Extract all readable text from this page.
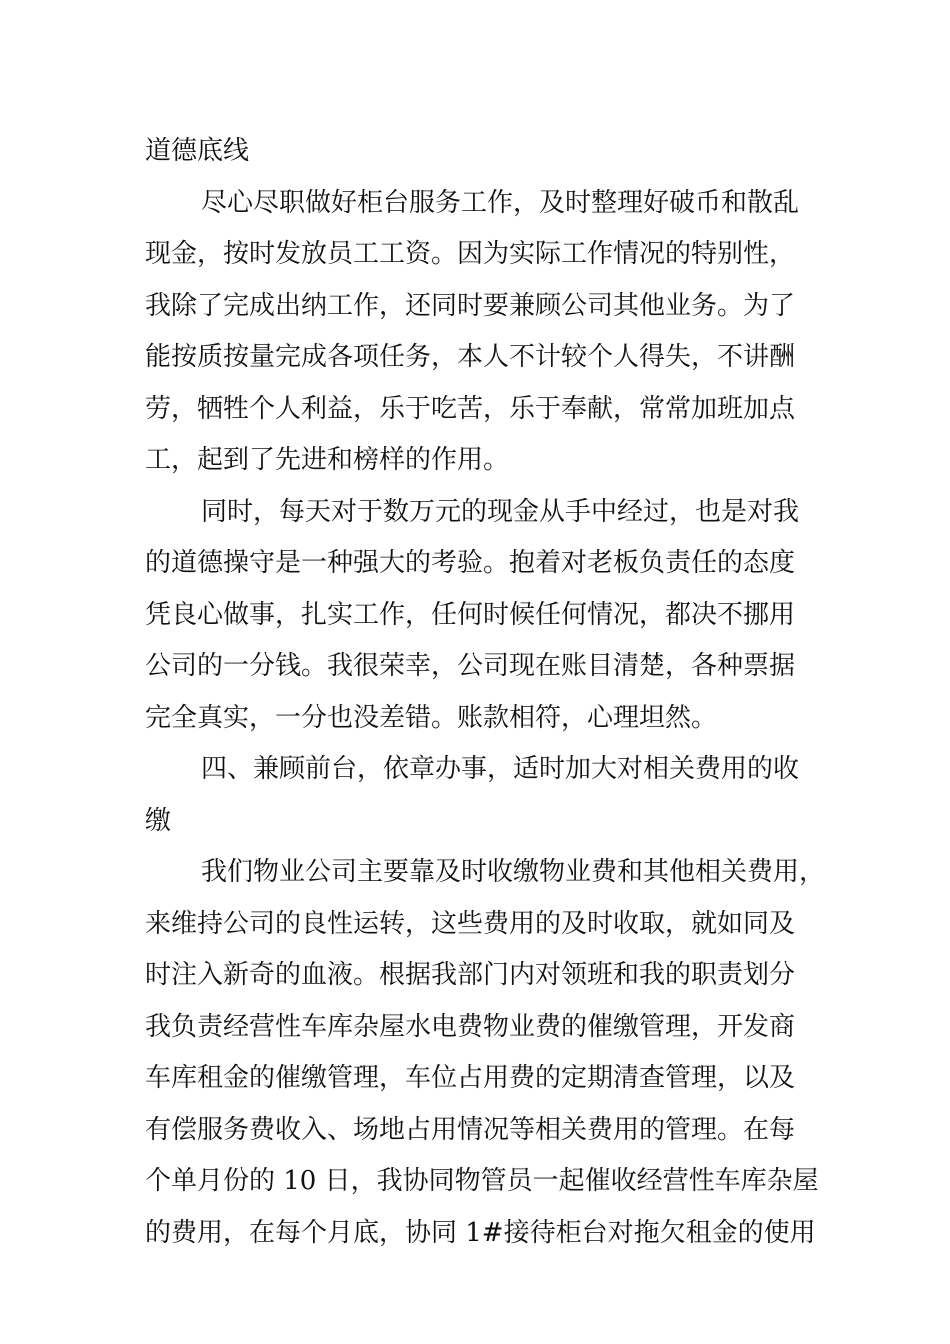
道德底线
尽心尽职做好柜台服务工作，及时整理好破币和散乱
现金，按时发放员工工资。因为实际工作情况的特别性，
我除了完成出纳工作，还同时要兼顾公司其他业务。为了
能按质按量完成各项任务，本人不计较个人得失，不讲酬
劳，牺牲个人利益，乐于吃苦，乐于奉献，常常加班加点
工，起到了先进和榜样的作用。
同时，每天对于数万元的现金从手中经过，也是对我
的道德操守是一种强大的考验。抱着对老板负责任的态度
凭良心做事，扎实工作，任何时候任何情况，都决不挪用
公司的一分钱。我很荣幸，公司现在账目清楚，各种票据
完全真实，一分也没差错。账款相符，心理坦然。
四、兼顾前台，依章办事，适时加大对相关费用的收
缴
我们物业公司主要靠及时收缴物业费和其他相关费用，
来维持公司的良性运转，这些费用的及时收取，就如同及
时注入新奇的血液。根据我部门内对领班和我的职责划分
我负责经营性车库杂屋水电费物业费的催缴管理，开发商
车库租金的催缴管理，车位占用费的定期清查管理，以及
有偿服务费收入、场地占用情况等相关费用的管理。在每
个单月份的 10 日，我协同物管员一起催收经营性车库杂屋
的费用，在每个月底，协同 1#接待柜台对拖欠租金的使用
